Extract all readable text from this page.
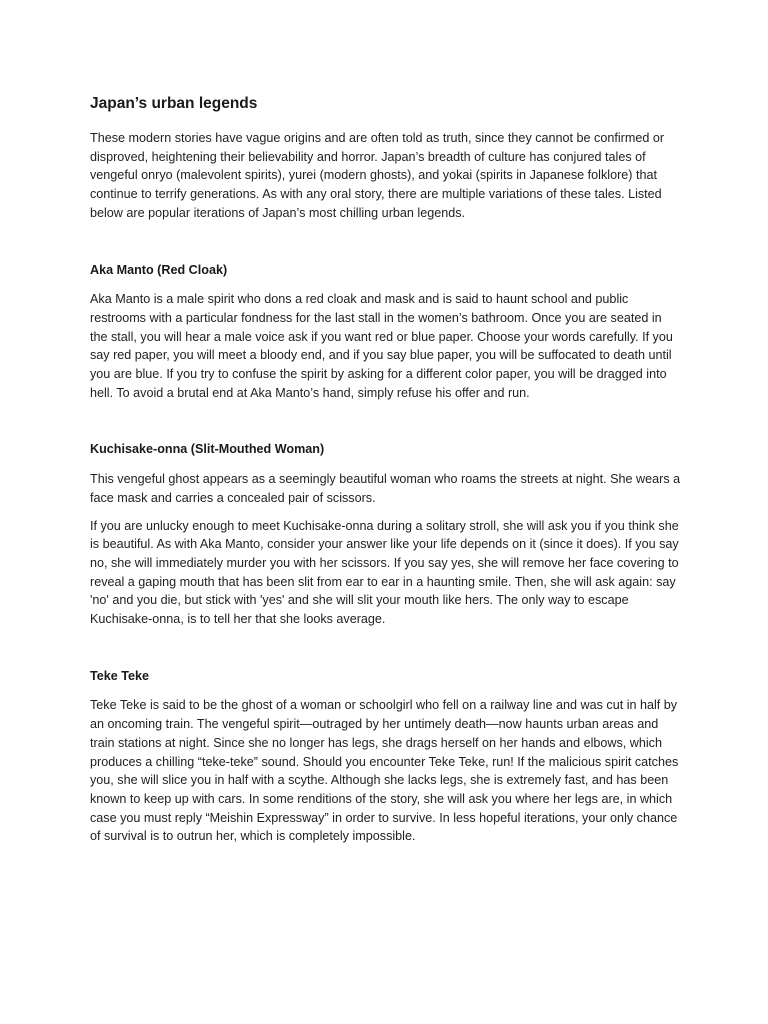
Japan’s urban legends

These modern stories have vague origins and are often told as truth, since they cannot be confirmed or disproved, heightening their believability and horror. Japan’s breadth of culture has conjured tales of vengeful onryo (malevolent spirits), yurei (modern ghosts), and yokai (spirits in Japanese folklore) that continue to terrify generations. As with any oral story, there are multiple variations of these tales. Listed below are popular iterations of Japan’s most chilling urban legends.

Aka Manto (Red Cloak)

Aka Manto is a male spirit who dons a red cloak and mask and is said to haunt school and public restrooms with a particular fondness for the last stall in the women’s bathroom. Once you are seated in the stall, you will hear a male voice ask if you want red or blue paper. Choose your words carefully. If you say red paper, you will meet a bloody end, and if you say blue paper, you will be suffocated to death until you are blue. If you try to confuse the spirit by asking for a different color paper, you will be dragged into hell. To avoid a brutal end at Aka Manto’s hand, simply refuse his offer and run.

Kuchisake-onna (Slit-Mouthed Woman)

This vengeful ghost appears as a seemingly beautiful woman who roams the streets at night. She wears a face mask and carries a concealed pair of scissors.

If you are unlucky enough to meet Kuchisake-onna during a solitary stroll, she will ask you if you think she is beautiful. As with Aka Manto, consider your answer like your life depends on it (since it does). If you say no, she will immediately murder you with her scissors. If you say yes, she will remove her face covering to reveal a gaping mouth that has been slit from ear to ear in a haunting smile. Then, she will ask again: say 'no' and you die, but stick with 'yes' and she will slit your mouth like hers. The only way to escape Kuchisake-onna, is to tell her that she looks average.

Teke Teke

Teke Teke is said to be the ghost of a woman or schoolgirl who fell on a railway line and was cut in half by an oncoming train. The vengeful spirit—outraged by her untimely death—now haunts urban areas and train stations at night. Since she no longer has legs, she drags herself on her hands and elbows, which produces a chilling “teke-teke” sound. Should you encounter Teke Teke, run! If the malicious spirit catches you, she will slice you in half with a scythe. Although she lacks legs, she is extremely fast, and has been known to keep up with cars. In some renditions of the story, she will ask you where her legs are, in which case you must reply “Meishin Expressway” in order to survive. In less hopeful iterations, your only chance of survival is to outrun her, which is completely impossible.
